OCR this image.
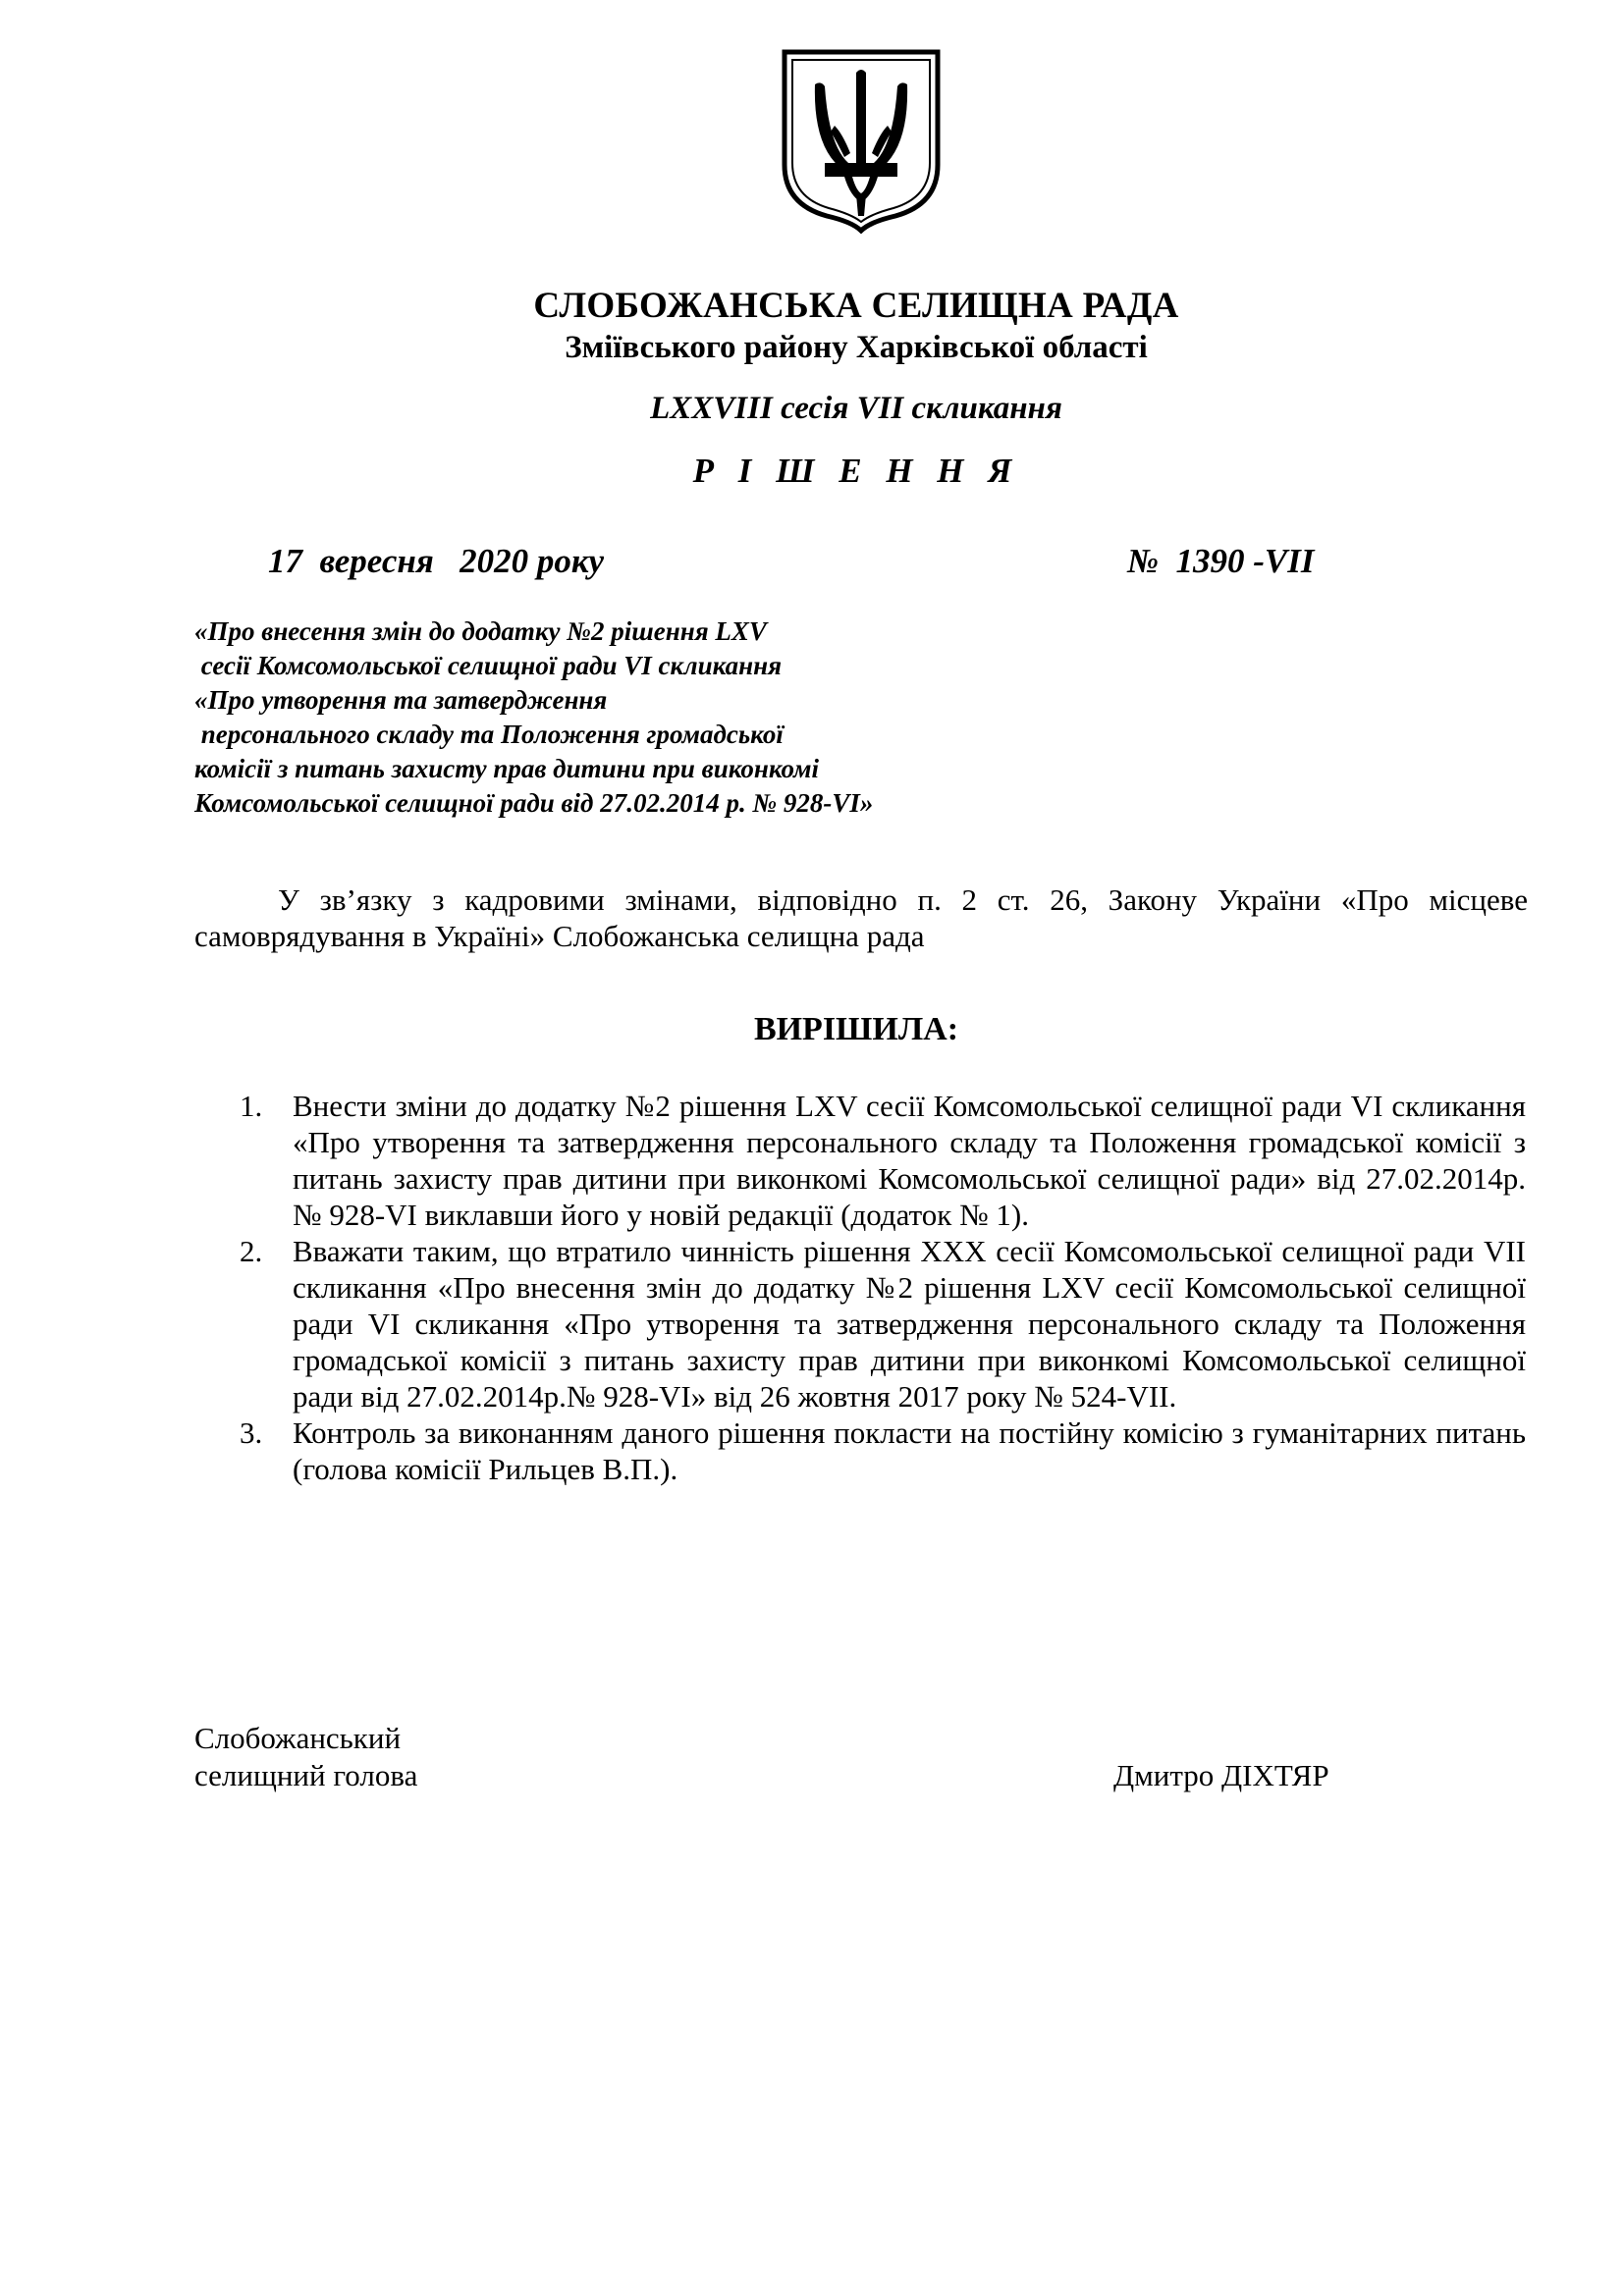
СЛОБОЖАНСЬКА СЕЛИЩНА РАДА
Зміївського району Харківської області
LXXVIII сесія VII скликання
Р І Ш Е Н Н Я
17  вересня   2020 року	№  1390 -VII
«Про внесення змін до додатку №2 рішення LXV
сесії Комсомольської селищної ради VI скликання
«Про утворення та затвердження
персонального складу та Положення громадської
комісії з питань захисту прав дитини при виконкомі
Комсомольської селищної ради від 27.02.2014 р. № 928-VI»

У зв’язку з кадровими змінами, відповідно п. 2 ст. 26, Закону України «Про місцеве самоврядування в Україні» Слобожанська селищна рада

ВИРІШИЛА:
1. Внести зміни до додатку №2 рішення LXV сесії Комсомольської селищної ради VI скликання «Про утворення та затвердження персонального складу та Положення громадської комісії з питань захисту прав дитини при виконкомі Комсомольської селищної ради» від 27.02.2014р. № 928-VI виклавши його у новій редакції (додаток № 1).
2. Вважати таким, що втратило чинність рішення XXX сесії Комсомольської селищної ради VII скликання «Про внесення змін до додатку №2 рішення LXV сесії Комсомольської селищної ради VI скликання «Про утворення та затвердження персонального складу та Положення громадської комісії з питань захисту прав дитини при виконкомі Комсомольської селищної ради від 27.02.2014р.№ 928-VI» від 26 жовтня 2017 року № 524-VII.
3. Контроль за виконанням даного рішення покласти на постійну комісію з гуманітарних питань (голова комісії Рильцев В.П.).
Слобожанський
селищний голова	Дмитро ДІХТЯР
